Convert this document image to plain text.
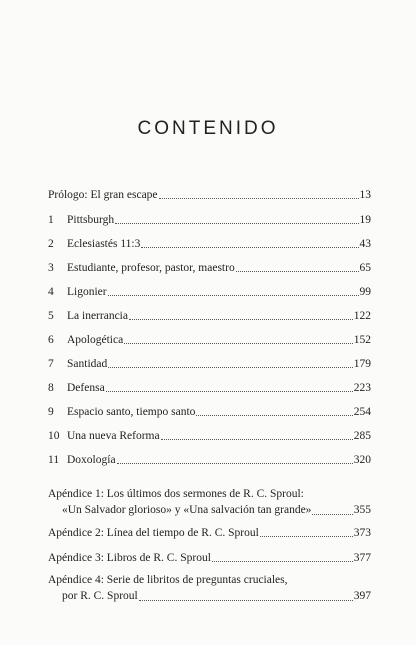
CONTENIDO
Prólogo: El gran escape	13
1	Pittsburgh	19
2	Eclesiastés 11:3	43
3	Estudiante, profesor, pastor, maestro	65
4	Ligonier	99
5	La inerrancia	122
6	Apologética	152
7	Santidad	179
8	Defensa	223
9	Espacio santo, tiempo santo	254
10 Una nueva Reforma	285
11 Doxología	320
Apéndice 1: Los últimos dos sermones de R. C. Sproul:
«Un Salvador glorioso» y «Una salvación tan grande»	355
Apéndice 2: Línea del tiempo de R. C. Sproul	373
Apéndice 3: Libros de R. C. Sproul	377
Apéndice 4: Serie de libritos de preguntas cruciales,
por R. C. Sproul	397
